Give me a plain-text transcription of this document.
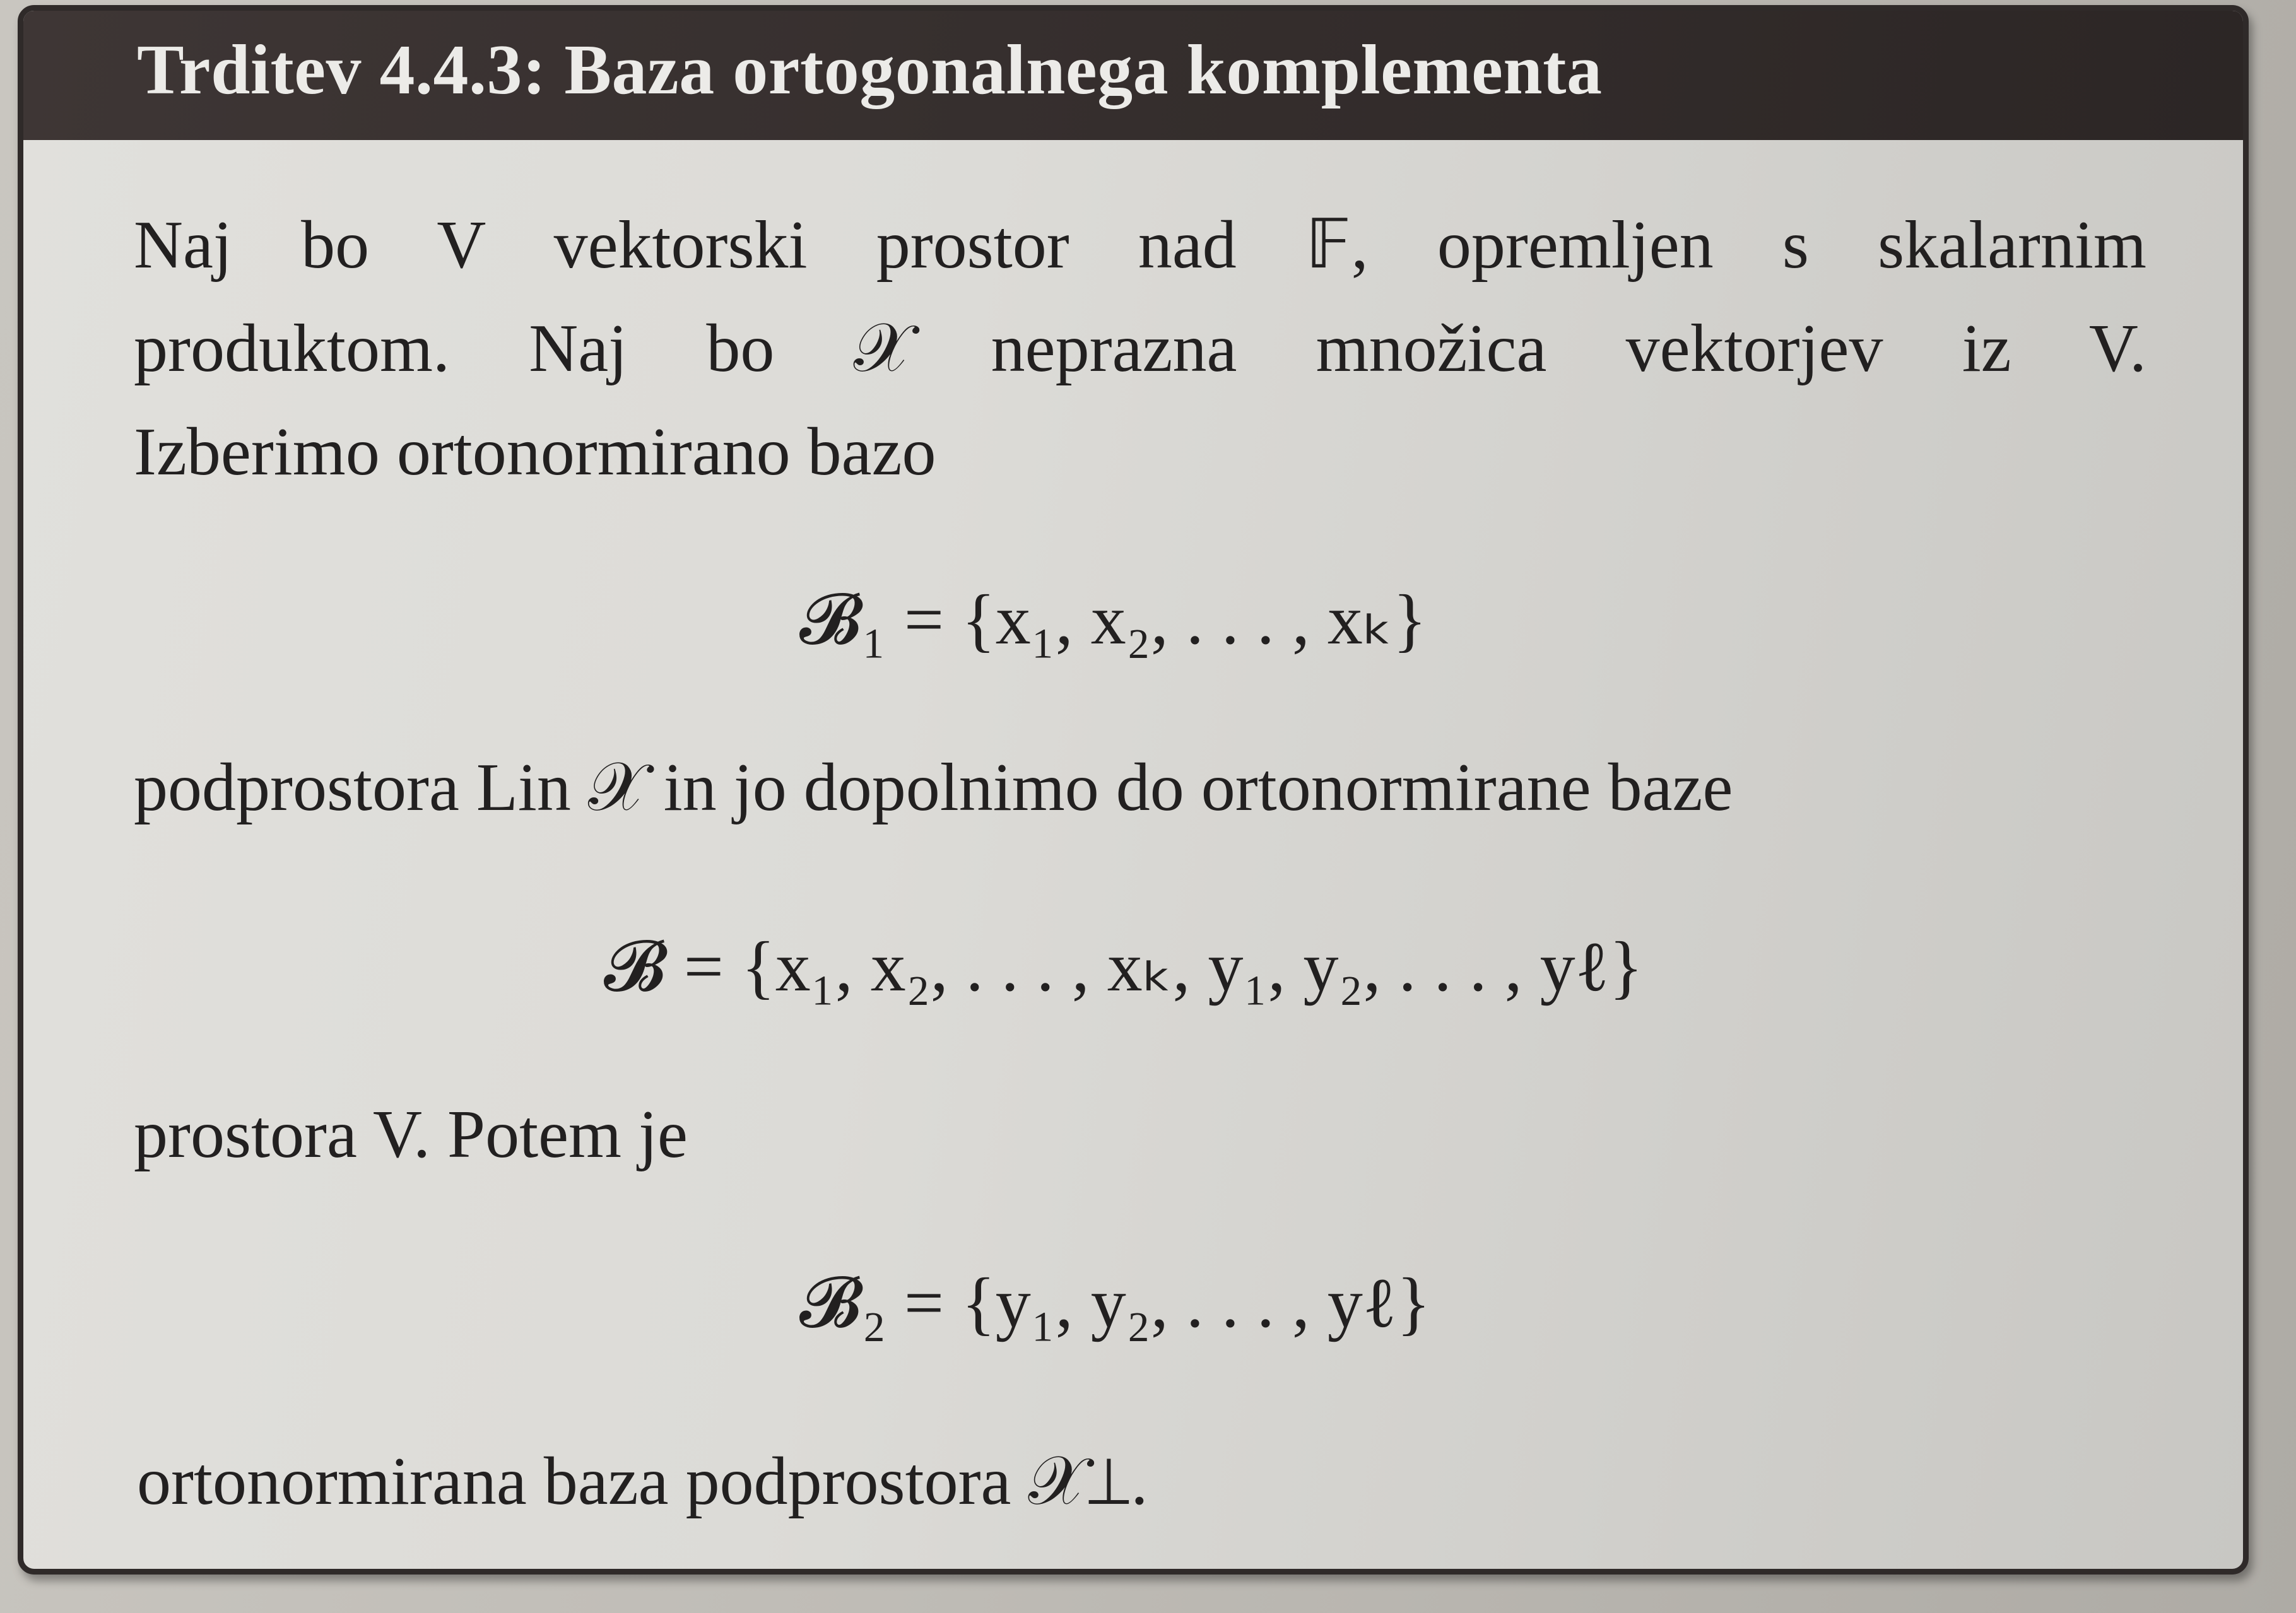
Trditev 4.4.3: Baza ortogonalnega komplementa
Naj bo V vektorski prostor nad 𝔽, opremljen s skalarnim
produktom. Naj bo 𝒳 neprazna množica vektorjev iz V.
Izberimo ortonormirano bazo
𝓑₁ = {x₁, x₂, . . . , xₖ}
podprostora Lin 𝒳 in jo dopolnimo do ortonormirane baze
𝓑 = {x₁, x₂, . . . , xₖ, y₁, y₂, . . . , yℓ}
prostora V. Potem je
𝓑₂ = {y₁, y₂, . . . , yℓ}
ortonormirana baza podprostora 𝒳⊥.
